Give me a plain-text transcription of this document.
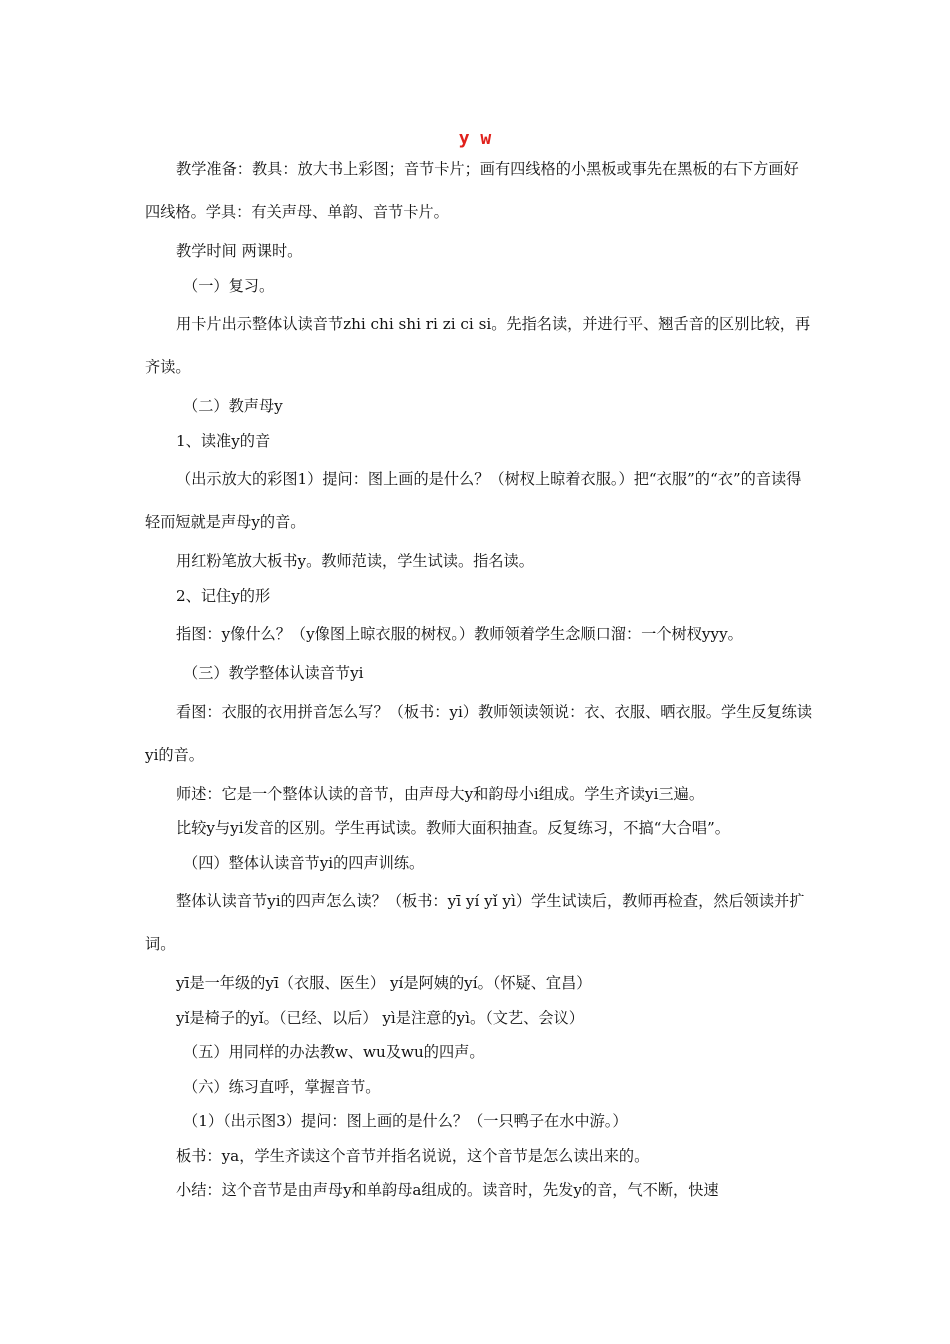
y w

教学准备：教具：放大书上彩图；音节卡片；画有四线格的小黑板或事先在黑板的右下方画好四线格。学具：有关声母、单韵、音节卡片。

教学时间 两课时。

（一）复习。

用卡片出示整体认读音节zhi chi shi ri zi ci si。先指名读，并进行平、翘舌音的区别比较，再齐读。

（二）教声母y

1、读准y的音

（出示放大的彩图1）提问：图上画的是什么？（树杈上晾着衣服。）把“衣服”的“衣”的音读得轻而短就是声母y的音。

用红粉笔放大板书y。教师范读，学生试读。指名读。

2、记住y的形

指图：y像什么？（y像图上晾衣服的树杈。）教师领着学生念顺口溜：一个树杈yyy。

（三）教学整体认读音节yi

看图：衣服的衣用拼音怎么写？（板书：yi）教师领读领说：衣、衣服、晒衣服。学生反复练读yi的音。

师述：它是一个整体认读的音节，由声母大y和韵母小i组成。学生齐读yi三遍。

比较y与yi发音的区别。学生再试读。教师大面积抽查。反复练习，不搞“大合唱”。

（四）整体认读音节yi的四声训练。

整体认读音节yi的四声怎么读？（板书：yī yí yǐ yì）学生试读后，教师再检查，然后领读并扩词。

yī是一年级的yī（衣服、医生） yí是阿姨的yí。（怀疑、宜昌）

yǐ是椅子的yǐ。（已经、以后） yì是注意的yì。（文艺、会议）

（五）用同样的办法教w、wu及wu的四声。

（六）练习直呼，掌握音节。

（1）（出示图3）提问：图上画的是什么？（一只鸭子在水中游。）

板书：ya，学生齐读这个音节并指名说说，这个音节是怎么读出来的。

小结：这个音节是由声母y和单韵母a组成的。读音时，先发y的音，气不断，快速
